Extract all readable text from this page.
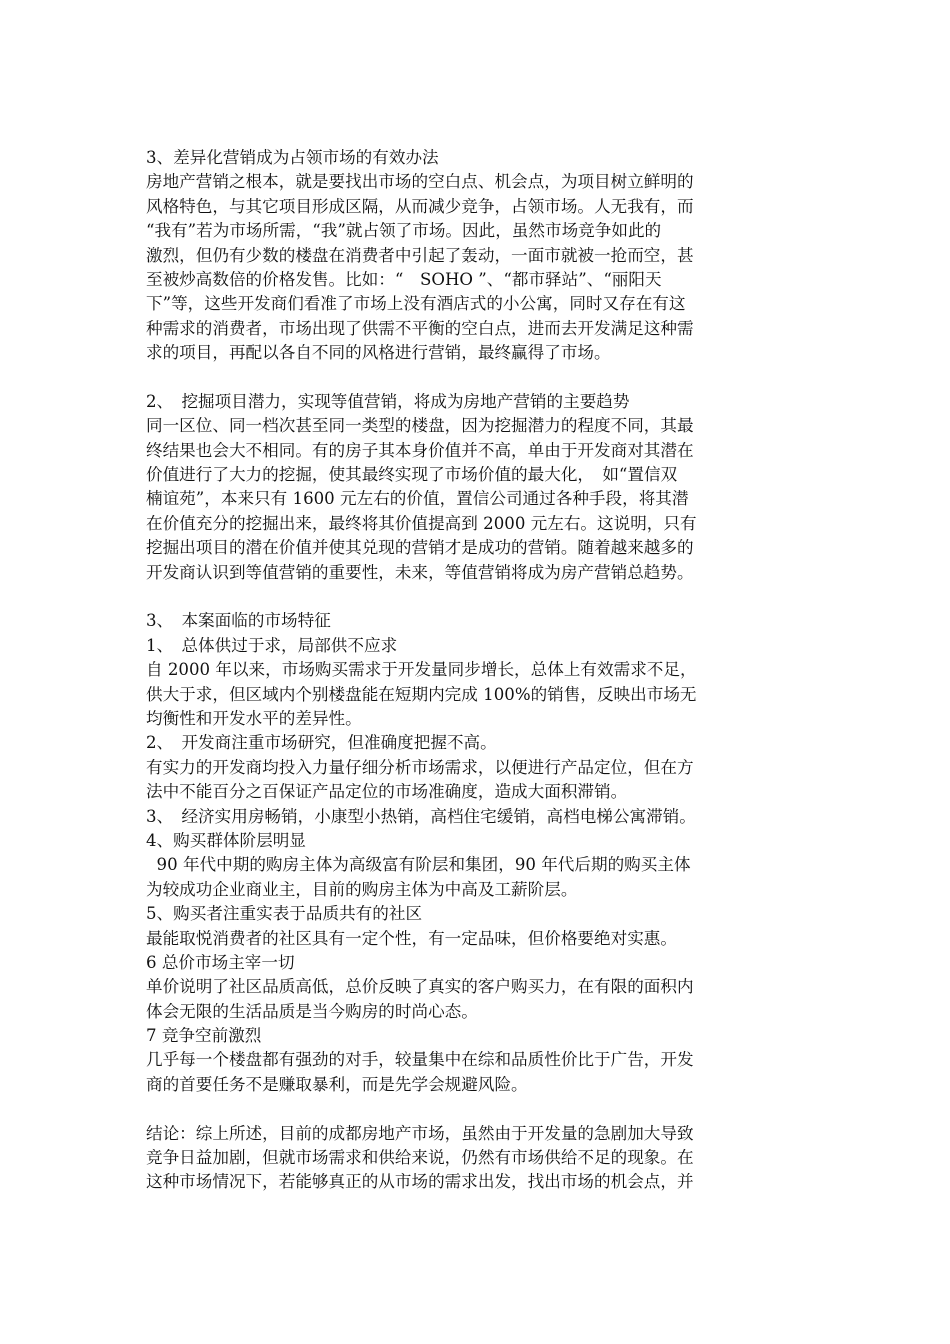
3、差异化营销成为占领市场的有效办法
房地产营销之根本，就是要找出市场的空白点、机会点，为项目树立鲜明的
风格特色，与其它项目形成区隔，从而减少竞争，占领市场。人无我有，而
“我有”若为市场所需，“我”就占领了市场。因此，虽然市场竞争如此的
激烈，但仍有少数的楼盘在消费者中引起了轰动，一面市就被一抢而空，甚
至被炒高数倍的价格发售。比如：“　SOHO ”、“都市驿站”、“丽阳天
下”等，这些开发商们看准了市场上没有酒店式的小公寓，同时又存在有这
种需求的消费者，市场出现了供需不平衡的空白点，进而去开发满足这种需
求的项目，再配以各自不同的风格进行营销，最终赢得了市场。
2、　挖掘项目潜力，实现等值营销，将成为房地产营销的主要趋势
同一区位、同一档次甚至同一类型的楼盘，因为挖掘潜力的程度不同，其最
终结果也会大不相同。有的房子其本身价值并不高，单由于开发商对其潜在
价值进行了大力的挖掘，使其最终实现了市场价值的最大化，　如“置信双
楠谊苑”，本来只有 1600 元左右的价值，置信公司通过各种手段，将其潜
在价值充分的挖掘出来，最终将其价值提高到 2000 元左右。这说明，只有
挖掘出项目的潜在价值并使其兑现的营销才是成功的营销。随着越来越多的
开发商认识到等值营销的重要性，未来，等值营销将成为房产营销总趋势。
3、　本案面临的市场特征
1、　总体供过于求，局部供不应求
自 2000 年以来，市场购买需求于开发量同步增长，总体上有效需求不足，
供大于求，但区域内个别楼盘能在短期内完成 100%的销售，反映出市场无
均衡性和开发水平的差异性。
2、　开发商注重市场研究，但准确度把握不高。
有实力的开发商均投入力量仔细分析市场需求，以便进行产品定位，但在方
法中不能百分之百保证产品定位的市场准确度，造成大面积滞销。
3、　经济实用房畅销，小康型小热销，高档住宅缓销，高档电梯公寓滞销。
4、购买群体阶层明显
90 年代中期的购房主体为高级富有阶层和集团，90 年代后期的购买主体
为较成功企业商业主，目前的购房主体为中高及工薪阶层。
5、购买者注重实表于品质共有的社区
最能取悦消费者的社区具有一定个性，有一定品味，但价格要绝对实惠。
6 总价市场主宰一切
单价说明了社区品质高低，总价反映了真实的客户购买力，在有限的面积内
体会无限的生活品质是当今购房的时尚心态。
7 竞争空前激烈
几乎每一个楼盘都有强劲的对手，较量集中在综和品质性价比于广告，开发
商的首要任务不是赚取暴利，而是先学会规避风险。
结论：综上所述，目前的成都房地产市场，虽然由于开发量的急剧加大导致
竞争日益加剧，但就市场需求和供给来说，仍然有市场供给不足的现象。在
这种市场情况下，若能够真正的从市场的需求出发，找出市场的机会点，并
